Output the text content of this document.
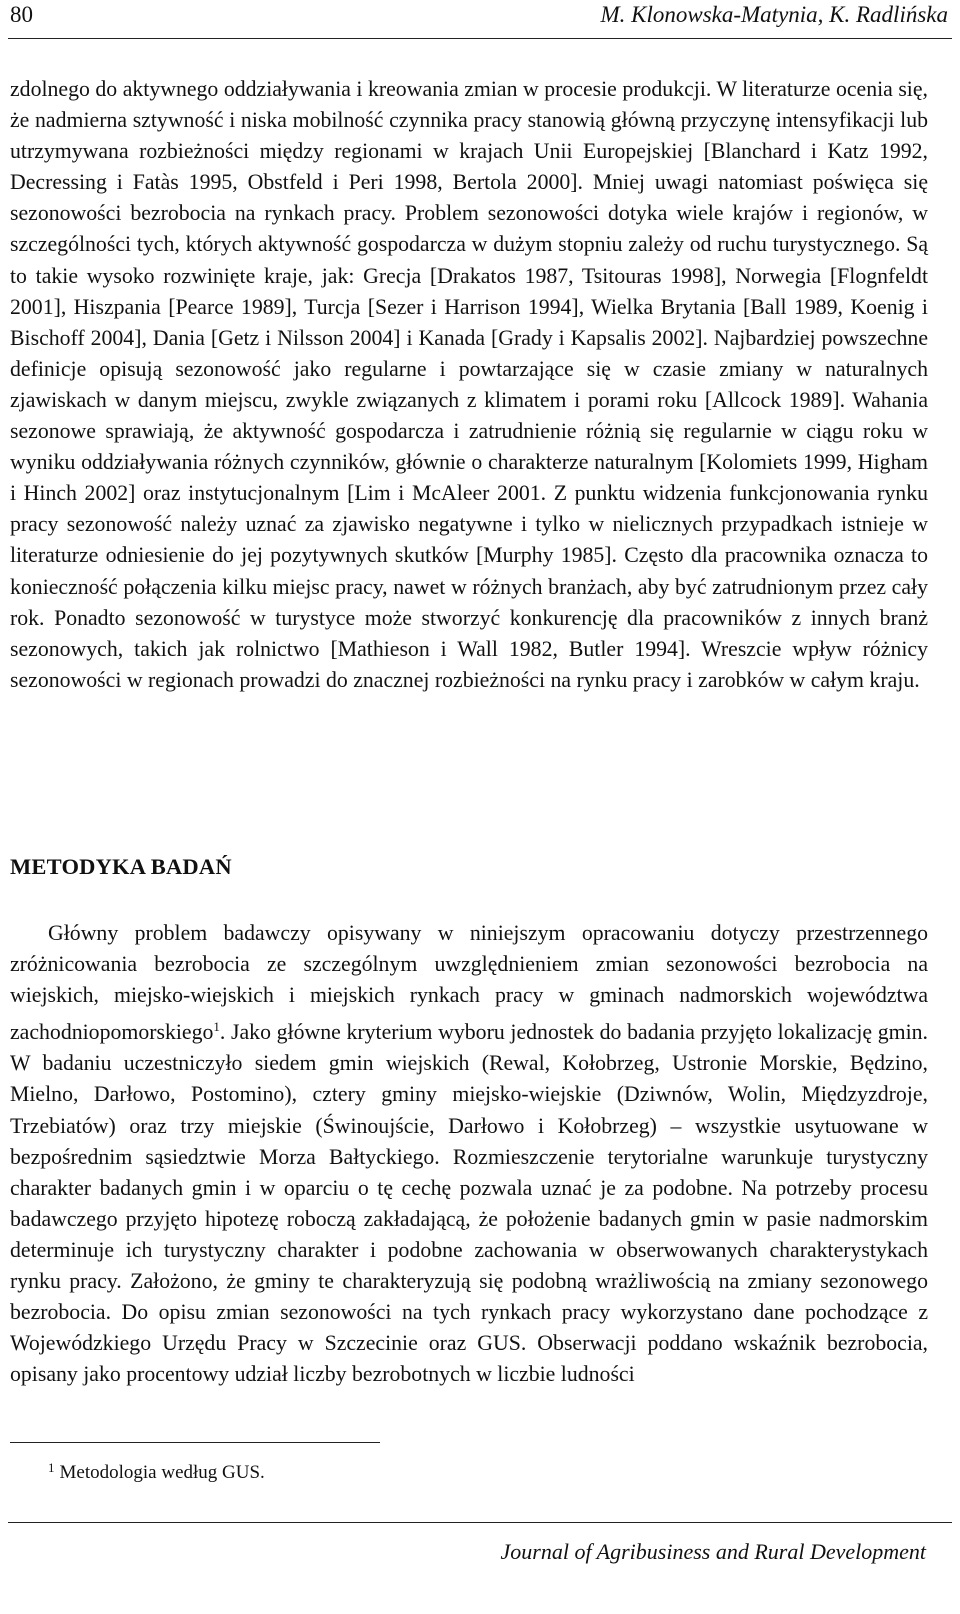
80	M. Klonowska-Matynia, K. Radlińska

zdolnego do aktywnego oddziaływania i kreowania zmian w procesie produkcji. W literaturze ocenia się, że nadmierna sztywność i niska mobilność czynnika pracy stanowią główną przyczynę intensyfikacji lub utrzymywana rozbieżności między regionami w krajach Unii Europejskiej [Blanchard i Katz 1992, Decressing i Fatàs 1995, Obstfeld i Peri 1998, Bertola 2000]. Mniej uwagi natomiast poświęca się sezonowości bezrobocia na rynkach pracy. Problem sezonowości dotyka wiele krajów i regionów, w szczególności tych, których aktywność gospodarcza w dużym stopniu zależy od ruchu turystycznego. Są to takie wysoko rozwinięte kraje, jak: Grecja [Drakatos 1987, Tsitouras 1998], Norwegia [Flognfeldt 2001], Hiszpania [Pearce 1989], Turcja [Sezer i Harrison 1994], Wielka Brytania [Ball 1989, Koenig i Bischoff 2004], Dania [Getz i Nilsson 2004] i Kanada [Grady i Kapsalis 2002]. Najbardziej powszechne definicje opisują sezonowość jako regularne i powtarzające się w czasie zmiany w naturalnych zjawiskach w danym miejscu, zwykle związanych z klimatem i porami roku [Allcock 1989]. Wahania sezonowe sprawiają, że aktywność gospodarcza i zatrudnienie różnią się regularnie w ciągu roku w wyniku oddziaływania różnych czynników, głównie o charakterze naturalnym [Kolomiets 1999, Higham i Hinch 2002] oraz instytucjonalnym [Lim i McAleer 2001. Z punktu widzenia funkcjonowania rynku pracy sezonowość należy uznać za zjawisko negatywne i tylko w nielicznych przypadkach istnieje w literaturze odniesienie do jej pozytywnych skutków [Murphy 1985]. Często dla pracownika oznacza to konieczność połączenia kilku miejsc pracy, nawet w różnych branżach, aby być zatrudnionym przez cały rok. Ponadto sezonowość w turystyce może stworzyć konkurencję dla pracowników z innych branż sezonowych, takich jak rolnictwo [Mathieson i Wall 1982, Butler 1994]. Wreszcie wpływ różnicy sezonowości w regionach prowadzi do znacznej rozbieżności na rynku pracy i zarobków w całym kraju.

METODYKA BADAŃ

Główny problem badawczy opisywany w niniejszym opracowaniu dotyczy przestrzennego zróżnicowania bezrobocia ze szczególnym uwzględnieniem zmian sezonowości bezrobocia na wiejskich, miejsko-wiejskich i miejskich rynkach pracy w gminach nadmorskich województwa zachodniopomorskiego$^1$. Jako główne kryterium wyboru jednostek do badania przyjęto lokalizację gmin. W badaniu uczestniczyło siedem gmin wiejskich (Rewal, Kołobrzeg, Ustronie Morskie, Będzino, Mielno, Darłowo, Postomino), cztery gminy miejsko-wiejskie (Dziwnów, Wolin, Międzyzdroje, Trzebiatów) oraz trzy miejskie (Świnoujście, Darłowo i Kołobrzeg) – wszystkie usytuowane w bezpośrednim sąsiedztwie Morza Bałtyckiego. Rozmieszczenie terytorialne warunkuje turystyczny charakter badanych gmin i w oparciu o tę cechę pozwala uznać je za podobne. Na potrzeby procesu badawczego przyjęto hipotezę roboczą zakładającą, że położenie badanych gmin w pasie nadmorskim determinuje ich turystyczny charakter i podobne zachowania w obserwowanych charakterystykach rynku pracy. Założono, że gminy te charakteryzują się podobną wrażliwością na zmiany sezonowego bezrobocia. Do opisu zmian sezonowości na tych rynkach pracy wykorzystano dane pochodzące z Wojewódzkiego Urzędu Pracy w Szczecinie oraz GUS. Obserwacji poddano wskaźnik bezrobocia, opisany jako procentowy udział liczby bezrobotnych w liczbie ludności

$^1$ Metodologia według GUS.
Journal of Agribusiness and Rural Development
